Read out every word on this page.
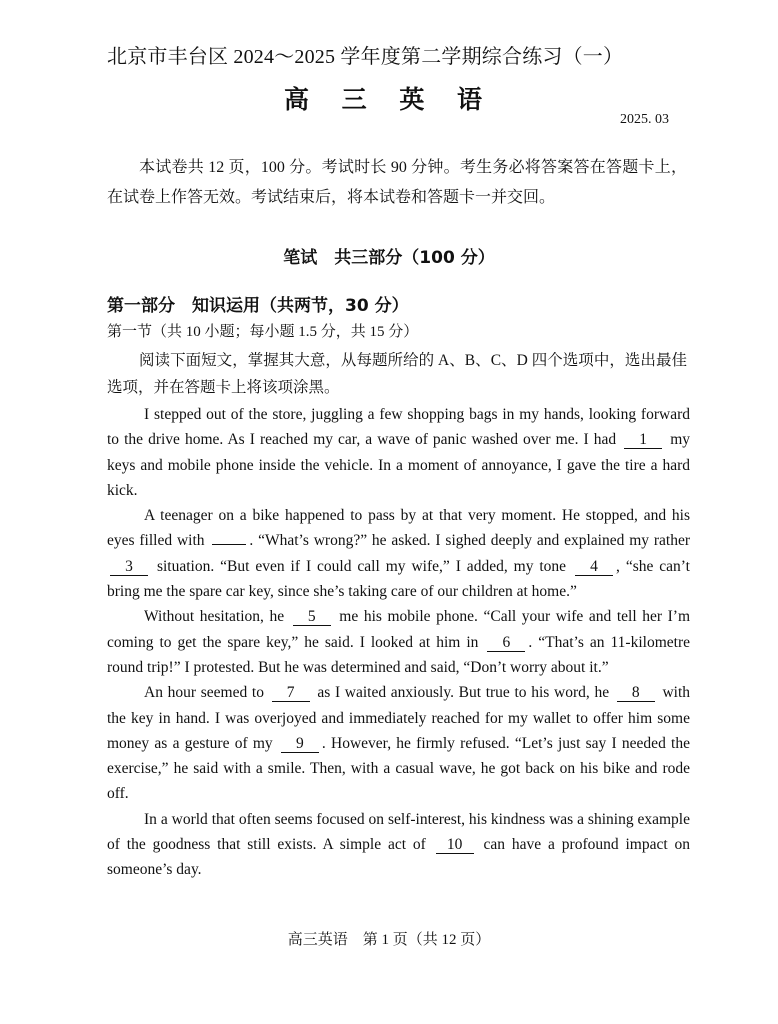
北京市丰台区 2024～2025 学年度第二学期综合练习（一）
高 三 英 语
2025. 03
本试卷共 12 页，100 分。考试时长 90 分钟。考生务必将答案答在答题卡上，在试卷上作答无效。考试结束后，将本试卷和答题卡一并交回。
笔试　共三部分（100 分）
第一部分　知识运用（共两节，30 分）
第一节（共 10 小题；每小题 1.5 分，共 15 分）
阅读下面短文，掌握其大意，从每题所给的 A、B、C、D 四个选项中，选出最佳选项，并在答题卡上将该项涂黑。

I stepped out of the store, juggling a few shopping bags in my hands, looking forward to the drive home. As I reached my car, a wave of panic washed over me. I had 1 my keys and mobile phone inside the vehicle. In a moment of annoyance, I gave the tire a hard kick.

A teenager on a bike happened to pass by at that very moment. He stopped, and his eyes filled with	. “What’s wrong?” he asked. I sighed deeply and explained my rather 3 situation. “But even if I could call my wife,” I added, my tone 4 , “she can’t bring me the spare car key, since she’s taking care of our children at home.”

Without hesitation, he 5 me his mobile phone. “Call your wife and tell her I’m coming to get the spare key,” he said. I looked at him in 6 . “That’s an 11-kilometre round trip!” I protested. But he was determined and said, “Don’t worry about it.”

An hour seemed to 7 as I waited anxiously. But true to his word, he 8 with the key in hand. I was overjoyed and immediately reached for my wallet to offer him some money as a gesture of my 9 . However, he firmly refused. “Let’s just say I needed the exercise,” he said with a smile. Then, with a casual wave, he got back on his bike and rode off.

In a world that often seems focused on self-interest, his kindness was a shining example of the goodness that still exists. A simple act of 10 can have a profound impact on someone’s day.

高三英语　第 1 页（共 12 页）
